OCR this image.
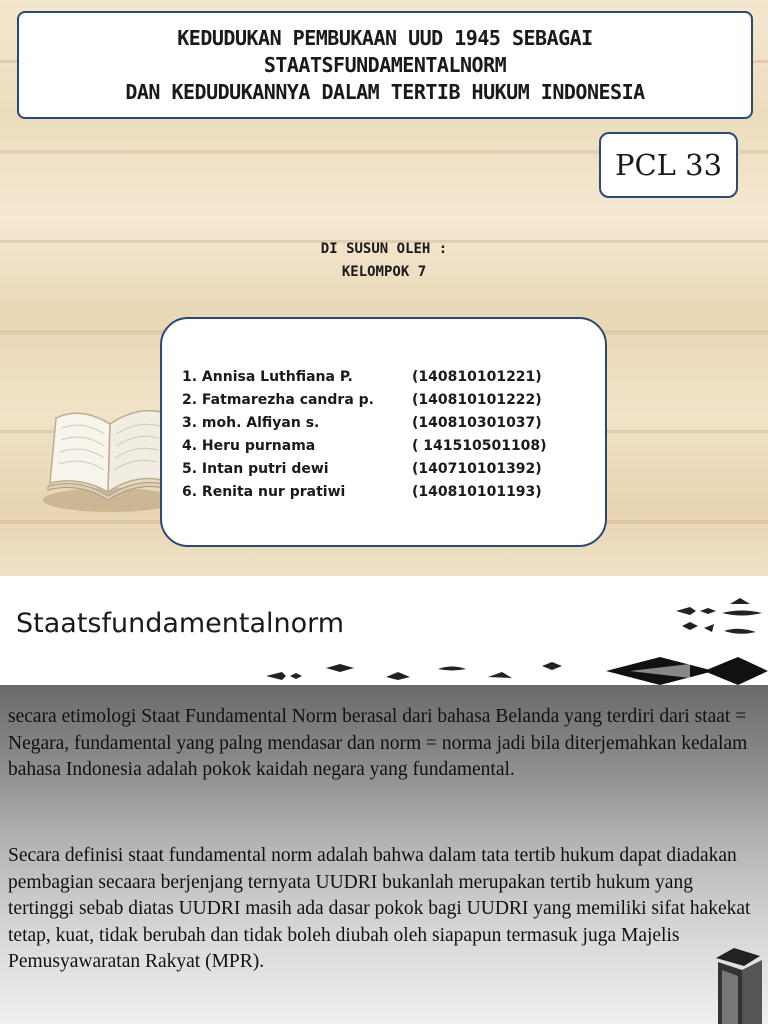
KEDUDUKAN PEMBUKAAN UUD 1945 SEBAGAI
STAATSFUNDAMENTALNORM
DAN KEDUDUKANNYA DALAM TERTIB HUKUM INDONESIA
PCL 33
DI SUSUN OLEH :
KELOMPOK 7
1. Annisa Luthfiana P.	(140810101221)
2. Fatmarezha candra p.	(140810101222)
3. moh. Alfiyan s.	(140810301037)
4. Heru purnama	( 141510501108)
5. Intan putri dewi	(140710101392)
6. Renita nur pratiwi	(140810101193)
Staatsfundamentalnorm
secara etimologi Staat Fundamental Norm berasal dari bahasa Belanda yang terdiri dari staat = Negara, fundamental yang palng mendasar dan norm = norma jadi bila diterjemahkan kedalam bahasa Indonesia adalah pokok kaidah negara yang fundamental.
Secara definisi staat fundamental norm adalah bahwa dalam tata tertib hukum dapat diadakan pembagian secaara berjenjang ternyata UUDRI bukanlah merupakan tertib hukum yang tertinggi sebab diatas UUDRI masih ada dasar pokok bagi UUDRI yang memiliki sifat hakekat tetap, kuat, tidak berubah dan tidak boleh diubah oleh siapapun termasuk juga Majelis Pemusyawaratan Rakyat (MPR).
